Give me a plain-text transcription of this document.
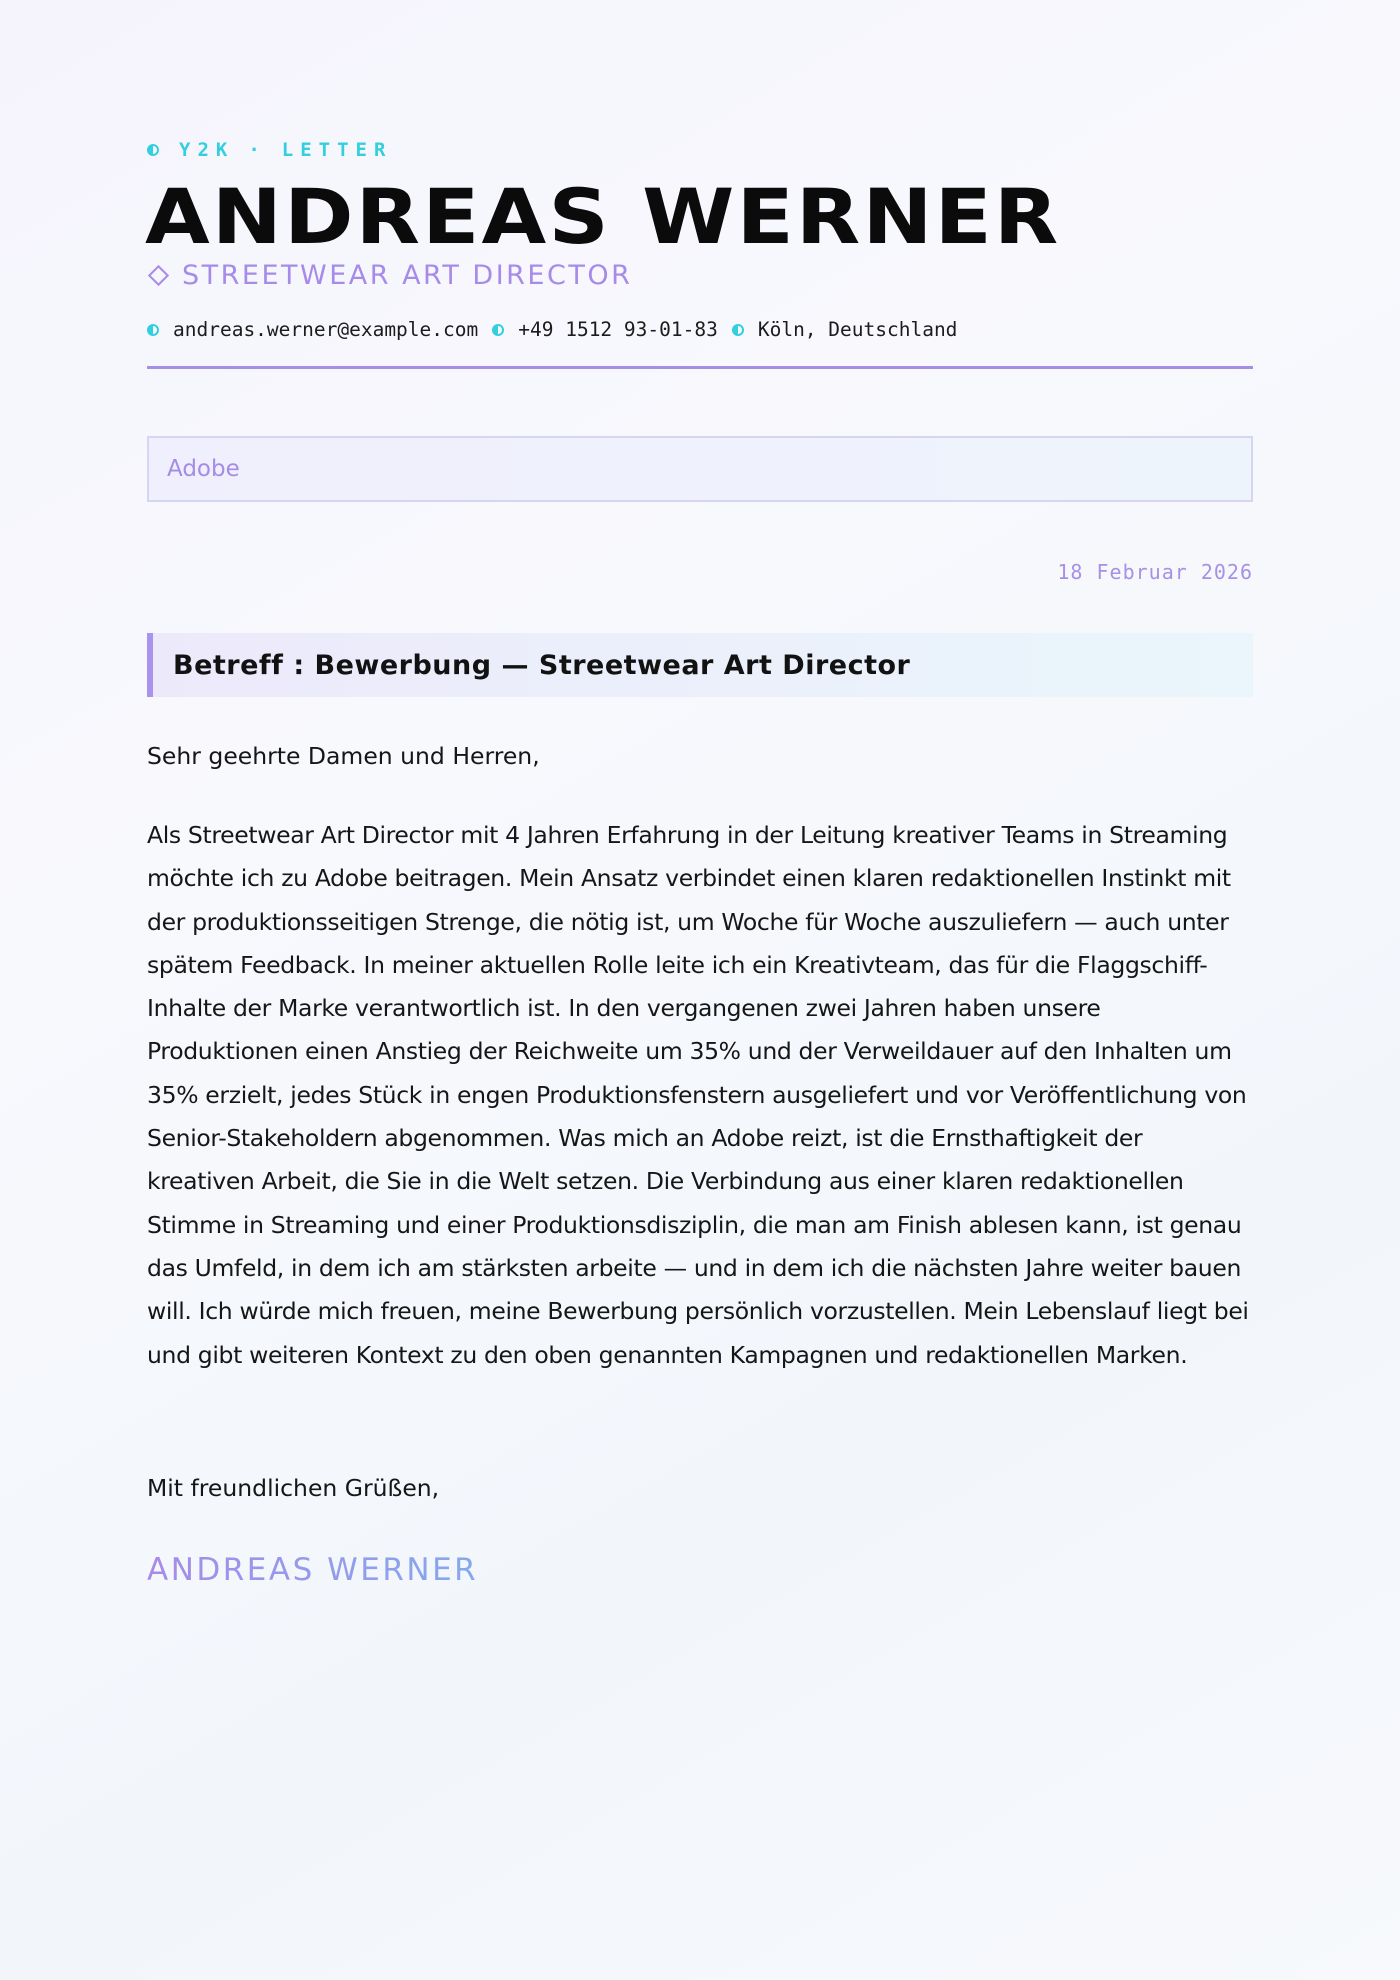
Y2K · LETTER
ANDREAS WERNER
STREETWEAR ART DIRECTOR
andreas.werner@example.com +49 1512 93-01-83 Köln, Deutschland
Adobe
18 Februar 2026
Betreff : Bewerbung — Streetwear Art Director

Sehr geehrte Damen und Herren,

Als Streetwear Art Director mit 4 Jahren Erfahrung in der Leitung kreativer Teams in Streaming möchte ich zu Adobe beitragen. Mein Ansatz verbindet einen klaren redaktionellen Instinkt mit der produktionsseitigen Strenge, die nötig ist, um Woche für Woche auszuliefern — auch unter spätem Feedback. In meiner aktuellen Rolle leite ich ein Kreativteam, das für die Flaggschiff-Inhalte der Marke verantwortlich ist. In den vergangenen zwei Jahren haben unsere Produktionen einen Anstieg der Reichweite um 35% und der Verweildauer auf den Inhalten um 35% erzielt, jedes Stück in engen Produktionsfenstern ausgeliefert und vor Veröffentlichung von Senior-Stakeholdern abgenommen. Was mich an Adobe reizt, ist die Ernsthaftigkeit der kreativen Arbeit, die Sie in die Welt setzen. Die Verbindung aus einer klaren redaktionellen Stimme in Streaming und einer Produktionsdisziplin, die man am Finish ablesen kann, ist genau das Umfeld, in dem ich am stärksten arbeite — und in dem ich die nächsten Jahre weiter bauen will. Ich würde mich freuen, meine Bewerbung persönlich vorzustellen. Mein Lebenslauf liegt bei und gibt weiteren Kontext zu den oben genannten Kampagnen und redaktionellen Marken.

Mit freundlichen Grüßen,

ANDREAS WERNER
